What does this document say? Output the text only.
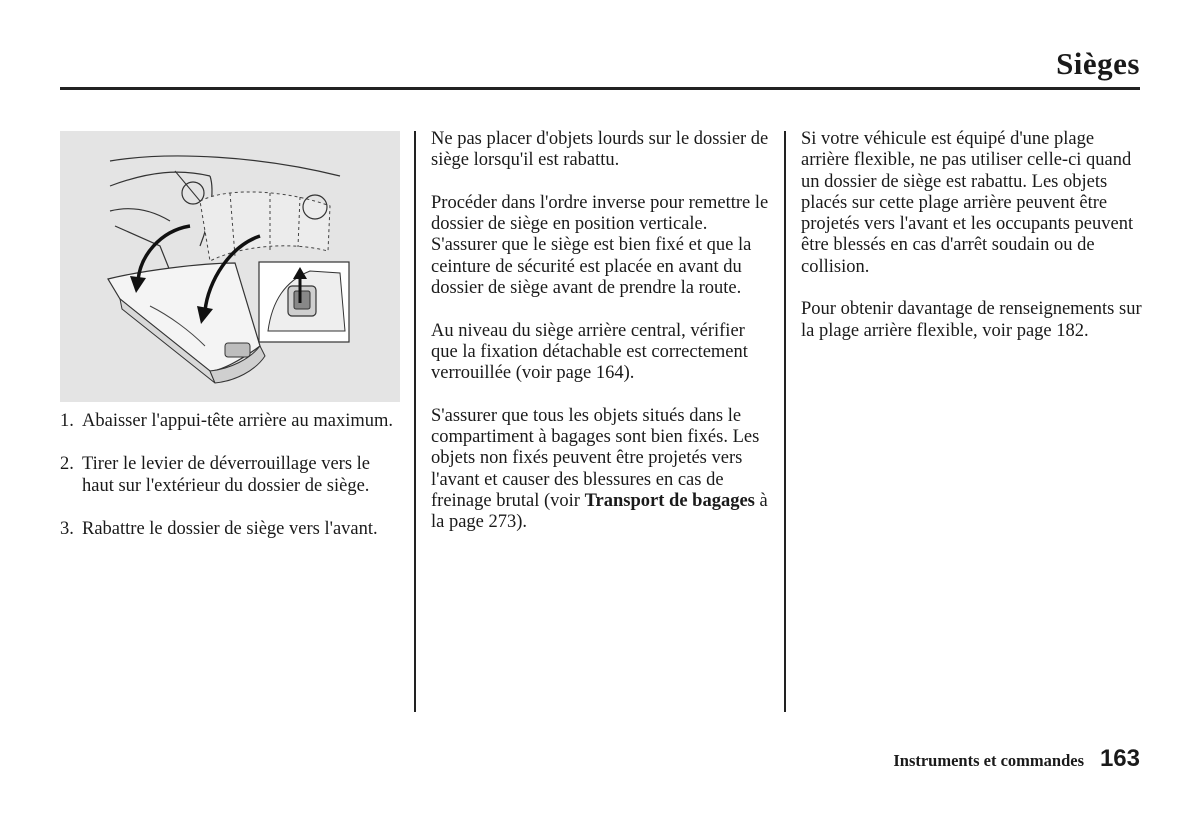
Sièges
1. Abaisser l'appui-tête arrière au maximum.
2. Tirer le levier de déverrouillage vers le haut sur l'extérieur du dossier de siège.
3. Rabattre le dossier de siège vers l'avant.

Ne pas placer d'objets lourds sur le dossier de siège lorsqu'il est rabattu.

Procéder dans l'ordre inverse pour remettre le dossier de siège en position verticale. S'assurer que le siège est bien fixé et que la ceinture de sécurité est placée en avant du dossier de siège avant de prendre la route.

Au niveau du siège arrière central, vérifier que la fixation détachable est correctement verrouillée (voir page 164).

S'assurer que tous les objets situés dans le compartiment à bagages sont bien fixés. Les objets non fixés peuvent être projetés vers l'avant et causer des blessures en cas de freinage brutal (voir Transport de bagages à la page 273).

Si votre véhicule est équipé d'une plage arrière flexible, ne pas utiliser celle-ci quand un dossier de siège est rabattu. Les objets placés sur cette plage arrière peuvent être projetés vers l'avant et les occupants peuvent être blessés en cas d'arrêt soudain ou de collision.

Pour obtenir davantage de renseignements sur la plage arrière flexible, voir page 182.

Instruments et commandes 163
